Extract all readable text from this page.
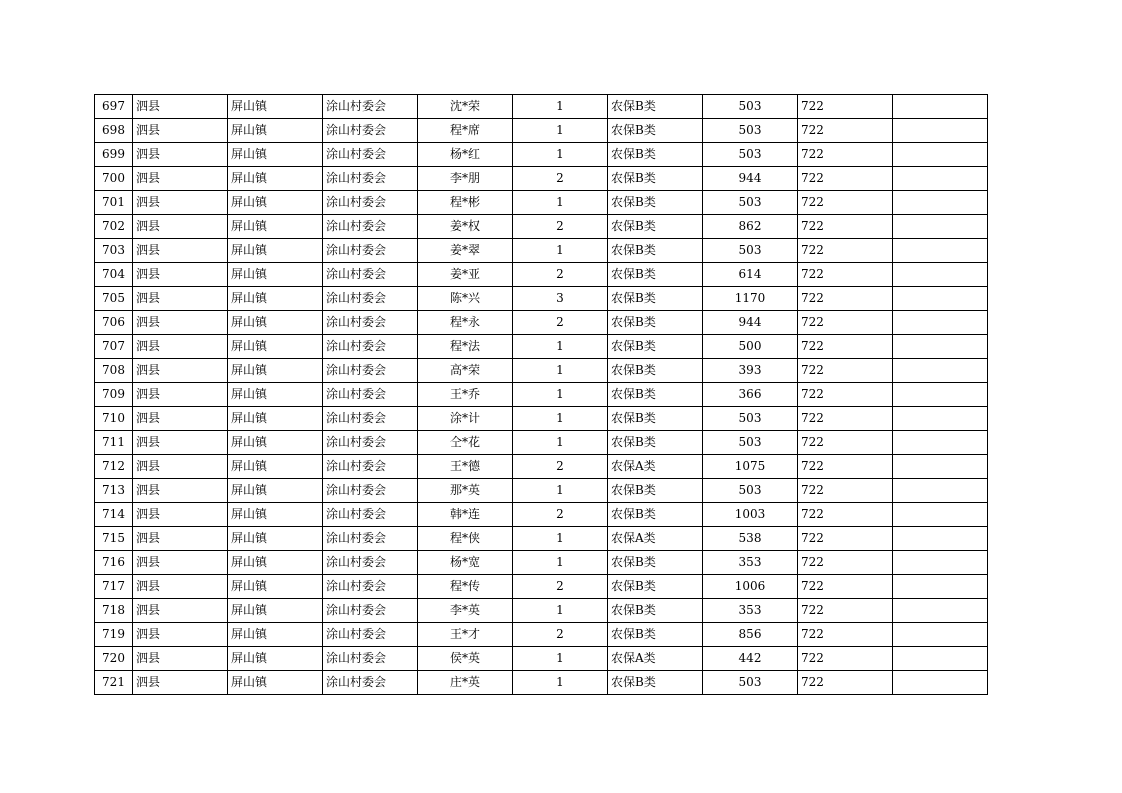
697	泗县	屏山镇	涂山村委会	沈*荣	1	农保B类	503	722	
698	泗县	屏山镇	涂山村委会	程*席	1	农保B类	503	722	
699	泗县	屏山镇	涂山村委会	杨*红	1	农保B类	503	722	
700	泗县	屏山镇	涂山村委会	李*朋	2	农保B类	944	722	
701	泗县	屏山镇	涂山村委会	程*彬	1	农保B类	503	722	
702	泗县	屏山镇	涂山村委会	姜*权	2	农保B类	862	722	
703	泗县	屏山镇	涂山村委会	姜*翠	1	农保B类	503	722	
704	泗县	屏山镇	涂山村委会	姜*亚	2	农保B类	614	722	
705	泗县	屏山镇	涂山村委会	陈*兴	3	农保B类	1170	722	
706	泗县	屏山镇	涂山村委会	程*永	2	农保B类	944	722	
707	泗县	屏山镇	涂山村委会	程*法	1	农保B类	500	722	
708	泗县	屏山镇	涂山村委会	高*荣	1	农保B类	393	722	
709	泗县	屏山镇	涂山村委会	王*乔	1	农保B类	366	722	
710	泗县	屏山镇	涂山村委会	涂*计	1	农保B类	503	722	
711	泗县	屏山镇	涂山村委会	仝*花	1	农保B类	503	722	
712	泗县	屏山镇	涂山村委会	王*德	2	农保A类	1075	722	
713	泗县	屏山镇	涂山村委会	那*英	1	农保B类	503	722	
714	泗县	屏山镇	涂山村委会	韩*连	2	农保B类	1003	722	
715	泗县	屏山镇	涂山村委会	程*侠	1	农保A类	538	722	
716	泗县	屏山镇	涂山村委会	杨*宽	1	农保B类	353	722	
717	泗县	屏山镇	涂山村委会	程*传	2	农保B类	1006	722	
718	泗县	屏山镇	涂山村委会	李*英	1	农保B类	353	722	
719	泗县	屏山镇	涂山村委会	王*才	2	农保B类	856	722	
720	泗县	屏山镇	涂山村委会	侯*英	1	农保A类	442	722	
721	泗县	屏山镇	涂山村委会	庄*英	1	农保B类	503	722	
